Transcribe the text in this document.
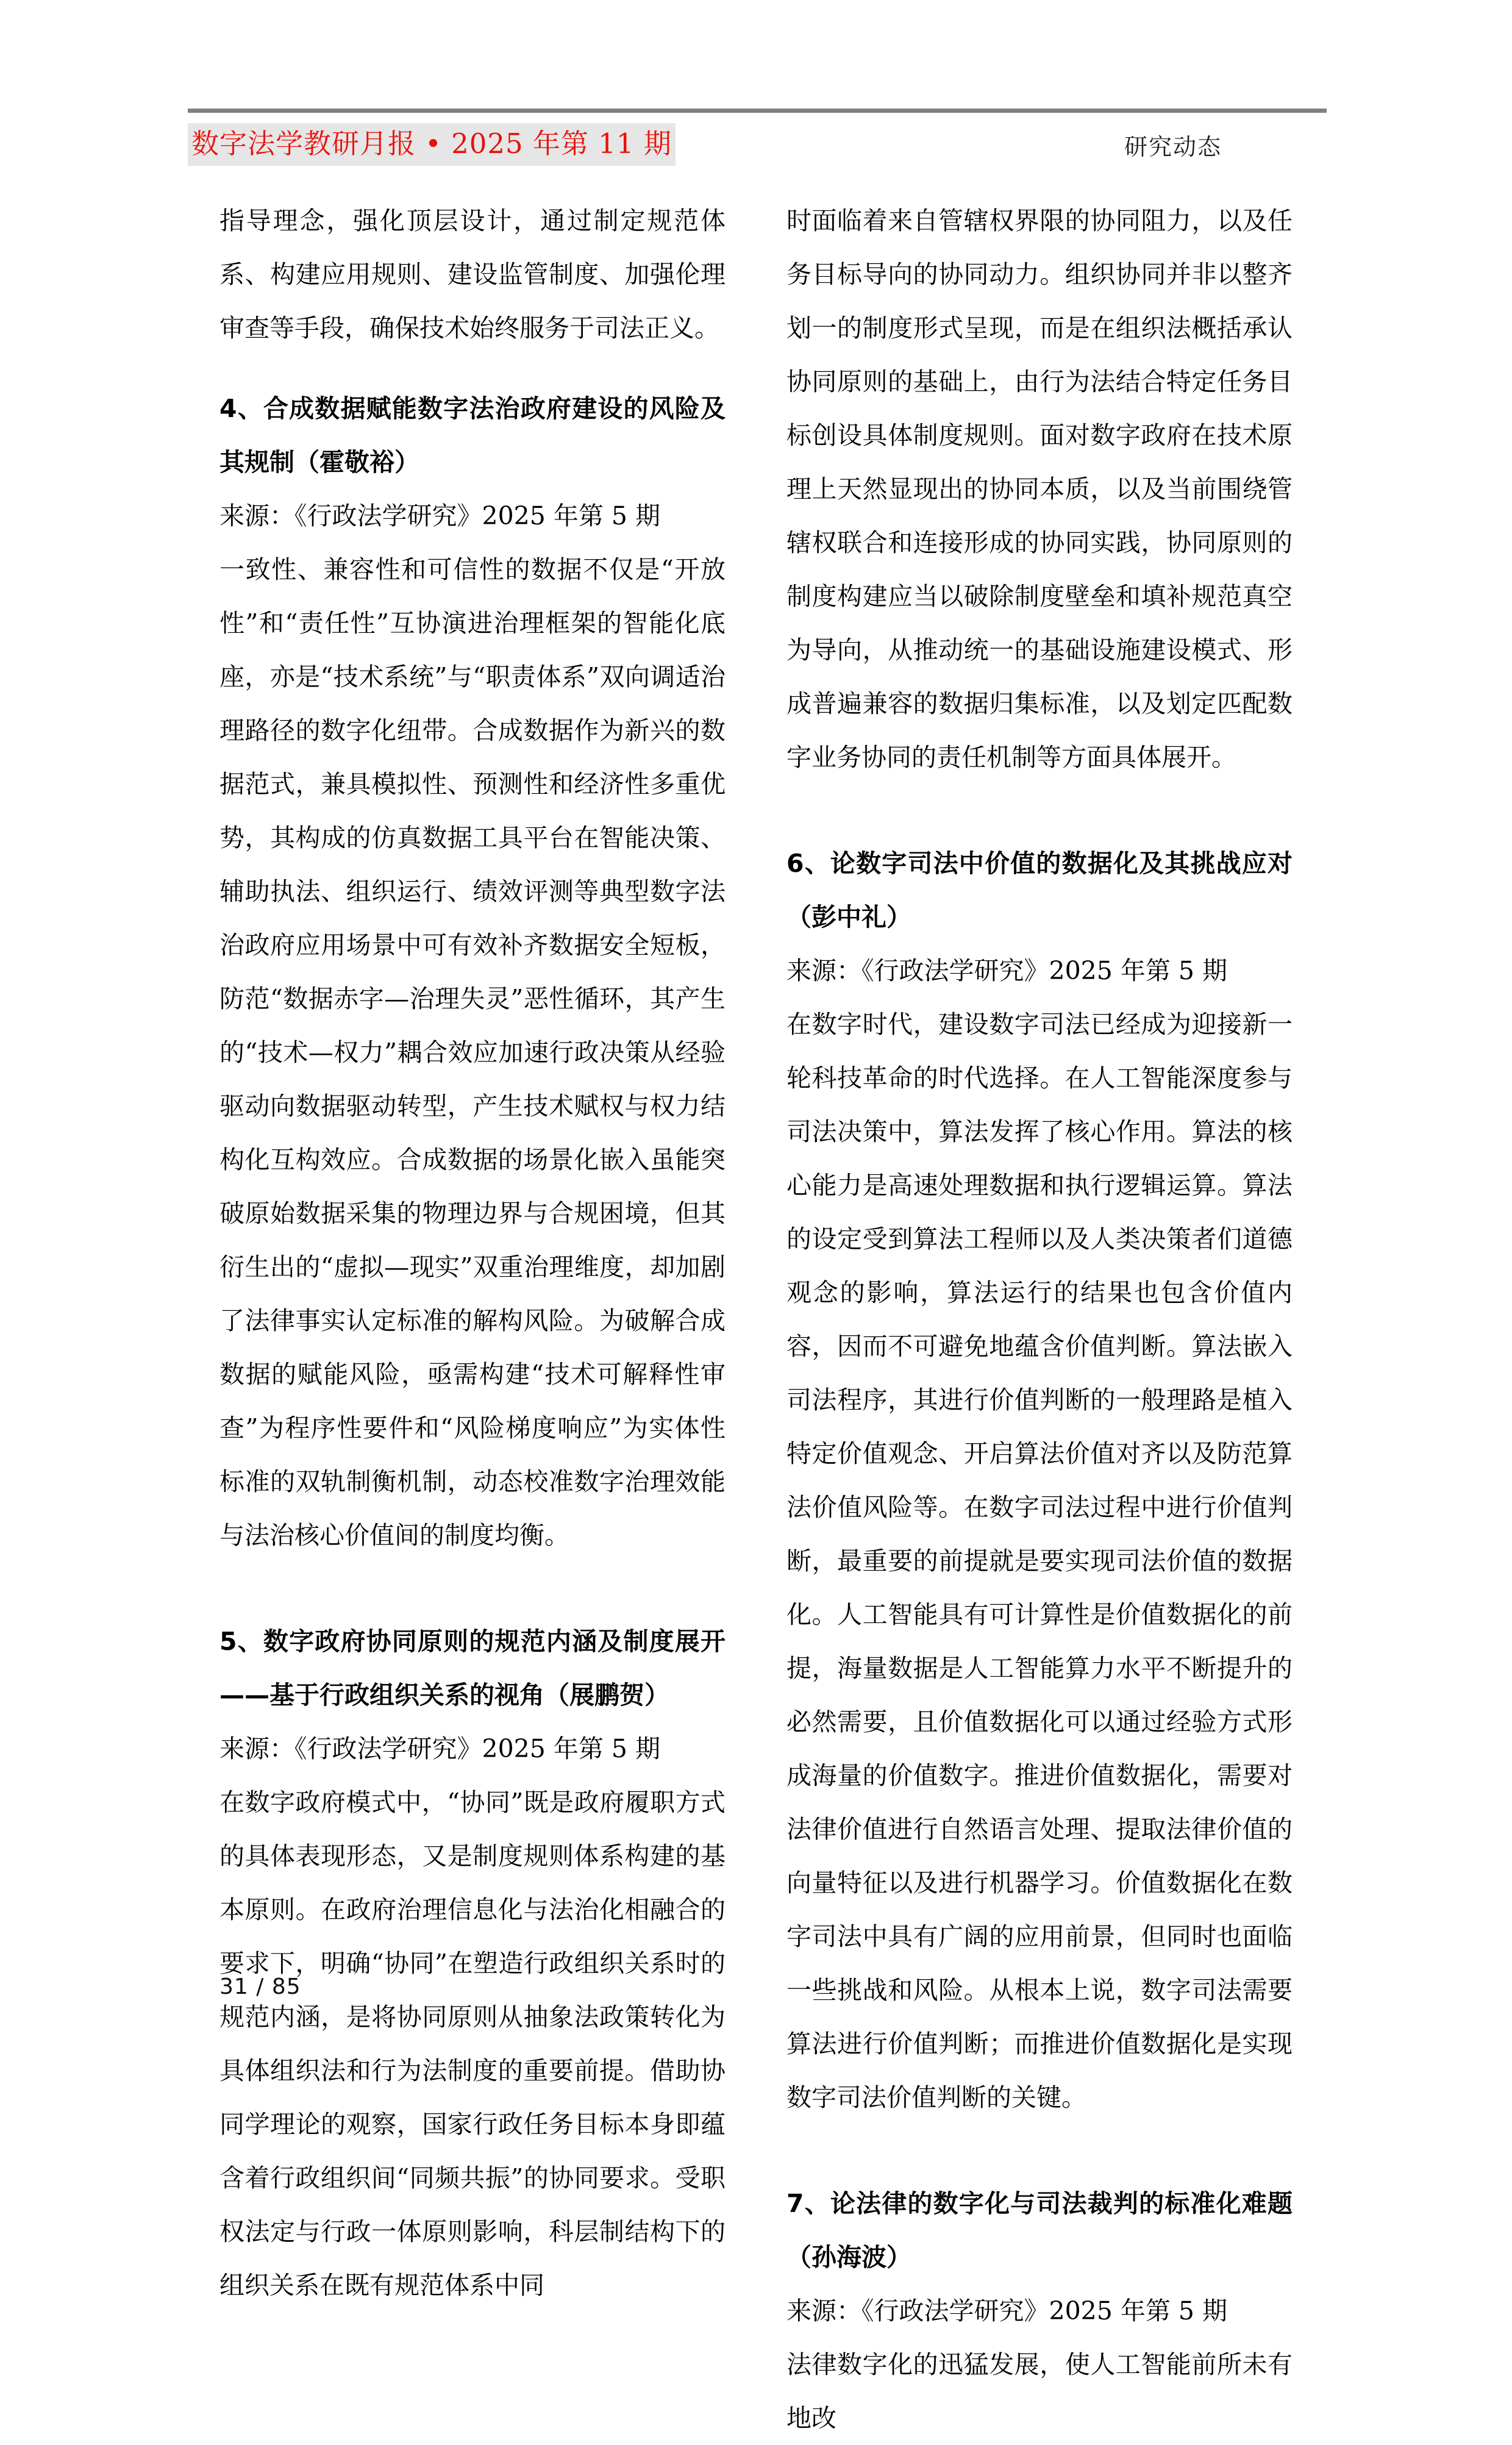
数字法学教研月报 • 2025 年第 11 期	研究动态

指导理念，强化顶层设计，通过制定规范体系、构建应用规则、建设监管制度、加强伦理审查等手段，确保技术始终服务于司法正义。

4、合成数据赋能数字法治政府建设的风险及其规制（霍敬裕）

来源：《行政法学研究》2025 年第 5 期

一致性、兼容性和可信性的数据不仅是“开放性”和“责任性”互协演进治理框架的智能化底座，亦是“技术系统”与“职责体系”双向调适治理路径的数字化纽带。合成数据作为新兴的数据范式，兼具模拟性、预测性和经济性多重优势，其构成的仿真数据工具平台在智能决策、辅助执法、组织运行、绩效评测等典型数字法治政府应用场景中可有效补齐数据安全短板，防范“数据赤字—治理失灵”恶性循环，其产生的“技术—权力”耦合效应加速行政决策从经验驱动向数据驱动转型，产生技术赋权与权力结构化互构效应。合成数据的场景化嵌入虽能突破原始数据采集的物理边界与合规困境，但其衍生出的“虚拟—现实”双重治理维度，却加剧了法律事实认定标准的解构风险。为破解合成数据的赋能风险，亟需构建“技术可解释性审查”为程序性要件和“风险梯度响应”为实体性标准的双轨制衡机制，动态校准数字治理效能与法治核心价值间的制度均衡。

5、数字政府协同原则的规范内涵及制度展开——基于行政组织关系的视角（展鹏贺）

来源：《行政法学研究》2025 年第 5 期

在数字政府模式中，“协同”既是政府履职方式的具体表现形态，又是制度规则体系构建的基本原则。在政府治理信息化与法治化相融合的要求下，明确“协同”在塑造行政组织关系时的规范内涵，是将协同原则从抽象法政策转化为具体组织法和行为法制度的重要前提。借助协同学理论的观察，国家行政任务目标本身即蕴含着行政组织间“同频共振”的协同要求。受职权法定与行政一体原则影响，科层制结构下的组织关系在既有规范体系中同

时面临着来自管辖权界限的协同阻力，以及任务目标导向的协同动力。组织协同并非以整齐划一的制度形式呈现，而是在组织法概括承认协同原则的基础上，由行为法结合特定任务目标创设具体制度规则。面对数字政府在技术原理上天然显现出的协同本质，以及当前围绕管辖权联合和连接形成的协同实践，协同原则的制度构建应当以破除制度壁垒和填补规范真空为导向，从推动统一的基础设施建设模式、形成普遍兼容的数据归集标准，以及划定匹配数字业务协同的责任机制等方面具体展开。

6、论数字司法中价值的数据化及其挑战应对（彭中礼）

来源：《行政法学研究》2025 年第 5 期

在数字时代，建设数字司法已经成为迎接新一轮科技革命的时代选择。在人工智能深度参与司法决策中，算法发挥了核心作用。算法的核心能力是高速处理数据和执行逻辑运算。算法的设定受到算法工程师以及人类决策者们道德观念的影响，算法运行的结果也包含价值内容，因而不可避免地蕴含价值判断。算法嵌入司法程序，其进行价值判断的一般理路是植入特定价值观念、开启算法价值对齐以及防范算法价值风险等。在数字司法过程中进行价值判断，最重要的前提就是要实现司法价值的数据化。人工智能具有可计算性是价值数据化的前提，海量数据是人工智能算力水平不断提升的必然需要，且价值数据化可以通过经验方式形成海量的价值数字。推进价值数据化，需要对法律价值进行自然语言处理、提取法律价值的向量特征以及进行机器学习。价值数据化在数字司法中具有广阔的应用前景，但同时也面临一些挑战和风险。从根本上说，数字司法需要算法进行价值判断；而推进价值数据化是实现数字司法价值判断的关键。

7、论法律的数字化与司法裁判的标准化难题（孙海波）

来源：《行政法学研究》2025 年第 5 期

法律数字化的迅猛发展，使人工智能前所未有地改

31 / 85
